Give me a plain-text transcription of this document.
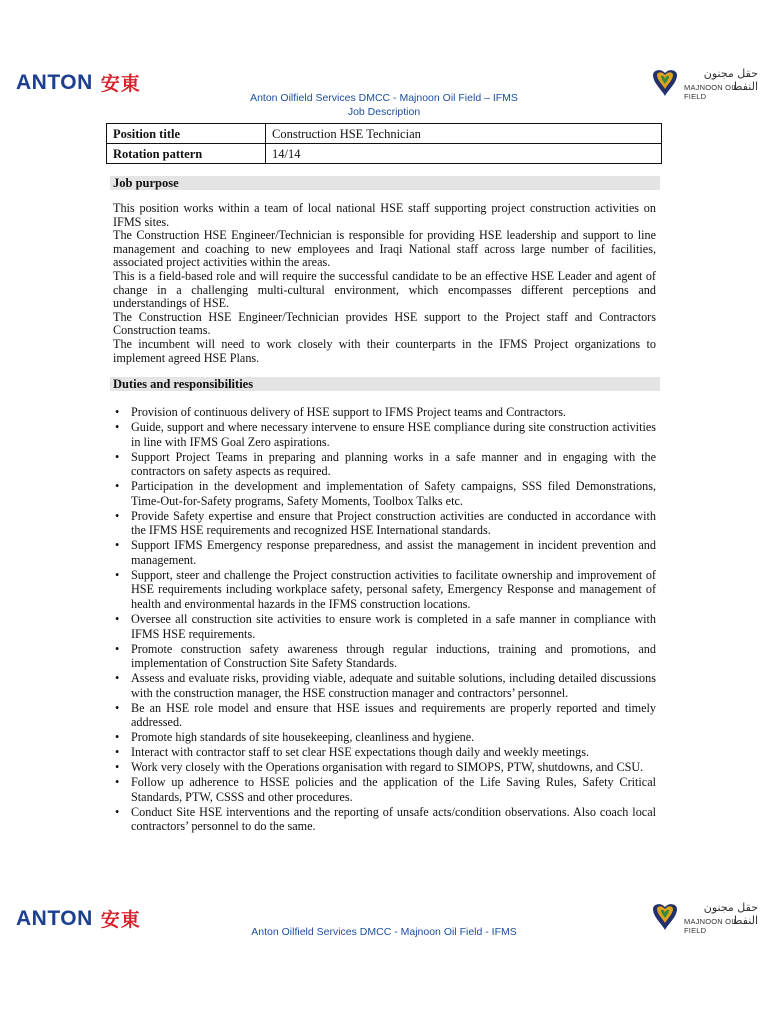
ANTON 安東	حقل مجنون النفط
MAJNOON OIL FIELD
Anton Oilfield Services DMCC - Majnoon Oil Field – IFMS
Job Description
Position title	Construction HSE Technician
Rotation pattern	14/14
Job purpose

This position works within a team of local national HSE staff supporting project construction activities on IFMS sites.

The Construction HSE Engineer/Technician is responsible for providing HSE leadership and support to line management and coaching to new employees and Iraqi National staff across large number of facilities, associated project activities within the areas.

This is a field-based role and will require the successful candidate to be an effective HSE Leader and agent of change in a challenging multi-cultural environment, which encompasses different perceptions and understandings of HSE.

The Construction HSE Engineer/Technician provides HSE support to the Project staff and Contractors Construction teams.

The incumbent will need to work closely with their counterparts in the IFMS Project organizations to implement agreed HSE Plans.

Duties and responsibilities
• Provision of continuous delivery of HSE support to IFMS Project teams and Contractors.
• Guide, support and where necessary intervene to ensure HSE compliance during site construction activities in line with IFMS Goal Zero aspirations.
• Support Project Teams in preparing and planning works in a safe manner and in engaging with the contractors on safety aspects as required.
• Participation in the development and implementation of Safety campaigns, SSS filed Demonstrations, Time-Out-for-Safety programs, Safety Moments, Toolbox Talks etc.
• Provide Safety expertise and ensure that Project construction activities are conducted in accordance with the IFMS HSE requirements and recognized HSE International standards.
• Support IFMS Emergency response preparedness, and assist the management in incident prevention and management.
• Support, steer and challenge the Project construction activities to facilitate ownership and improvement of HSE requirements including workplace safety, personal safety, Emergency Response and management of health and environmental hazards in the IFMS construction locations.
• Oversee all construction site activities to ensure work is completed in a safe manner in compliance with IFMS HSE requirements.
• Promote construction safety awareness through regular inductions, training and promotions, and implementation of Construction Site Safety Standards.
• Assess and evaluate risks, providing viable, adequate and suitable solutions, including detailed discussions with the construction manager, the HSE construction manager and contractors’ personnel.
• Be an HSE role model and ensure that HSE issues and requirements are properly reported and timely addressed.
• Promote high standards of site housekeeping, cleanliness and hygiene.
• Interact with contractor staff to set clear HSE expectations though daily and weekly meetings.
• Work very closely with the Operations organisation with regard to SIMOPS, PTW, shutdowns, and CSU.
• Follow up adherence to HSSE policies and the application of the Life Saving Rules, Safety Critical Standards, PTW, CSSS and other procedures.
• Conduct Site HSE interventions and the reporting of unsafe acts/condition observations. Also coach local contractors’ personnel to do the same.
ANTON 安東
حقل مجنون النفط
MAJNOON OIL FIELD
Anton Oilfield Services DMCC - Majnoon Oil Field - IFMS
